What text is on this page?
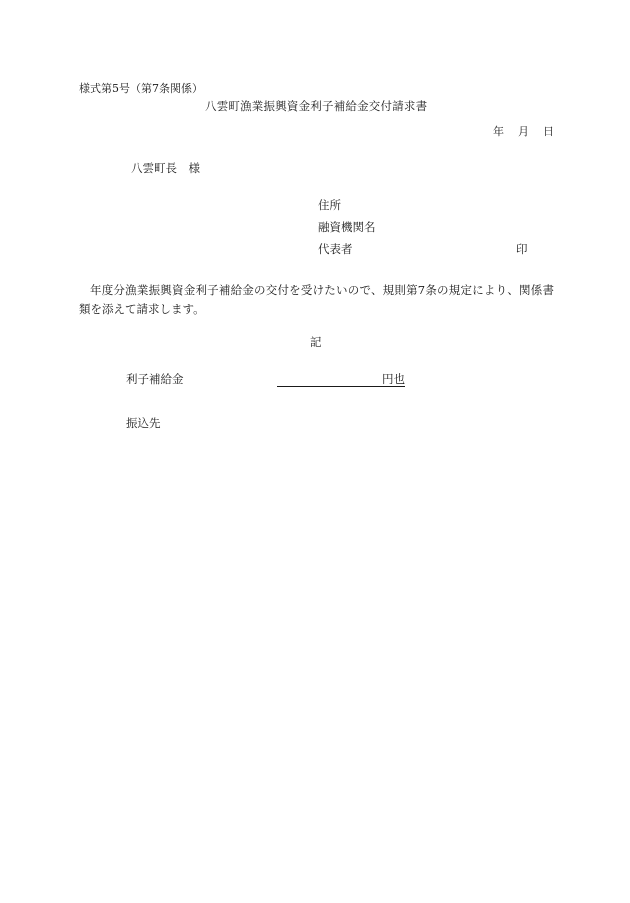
様式第5号（第7条関係）
八雲町漁業振興資金利子補給金交付請求書
年 月 日
八雲町長　様
住所
融資機関名
代表者	印
年度分漁業振興資金利子補給金の交付を受けたいので、規則第7条の規定により、関係書類を添えて請求します。
記
利子補給金	円也
振込先
